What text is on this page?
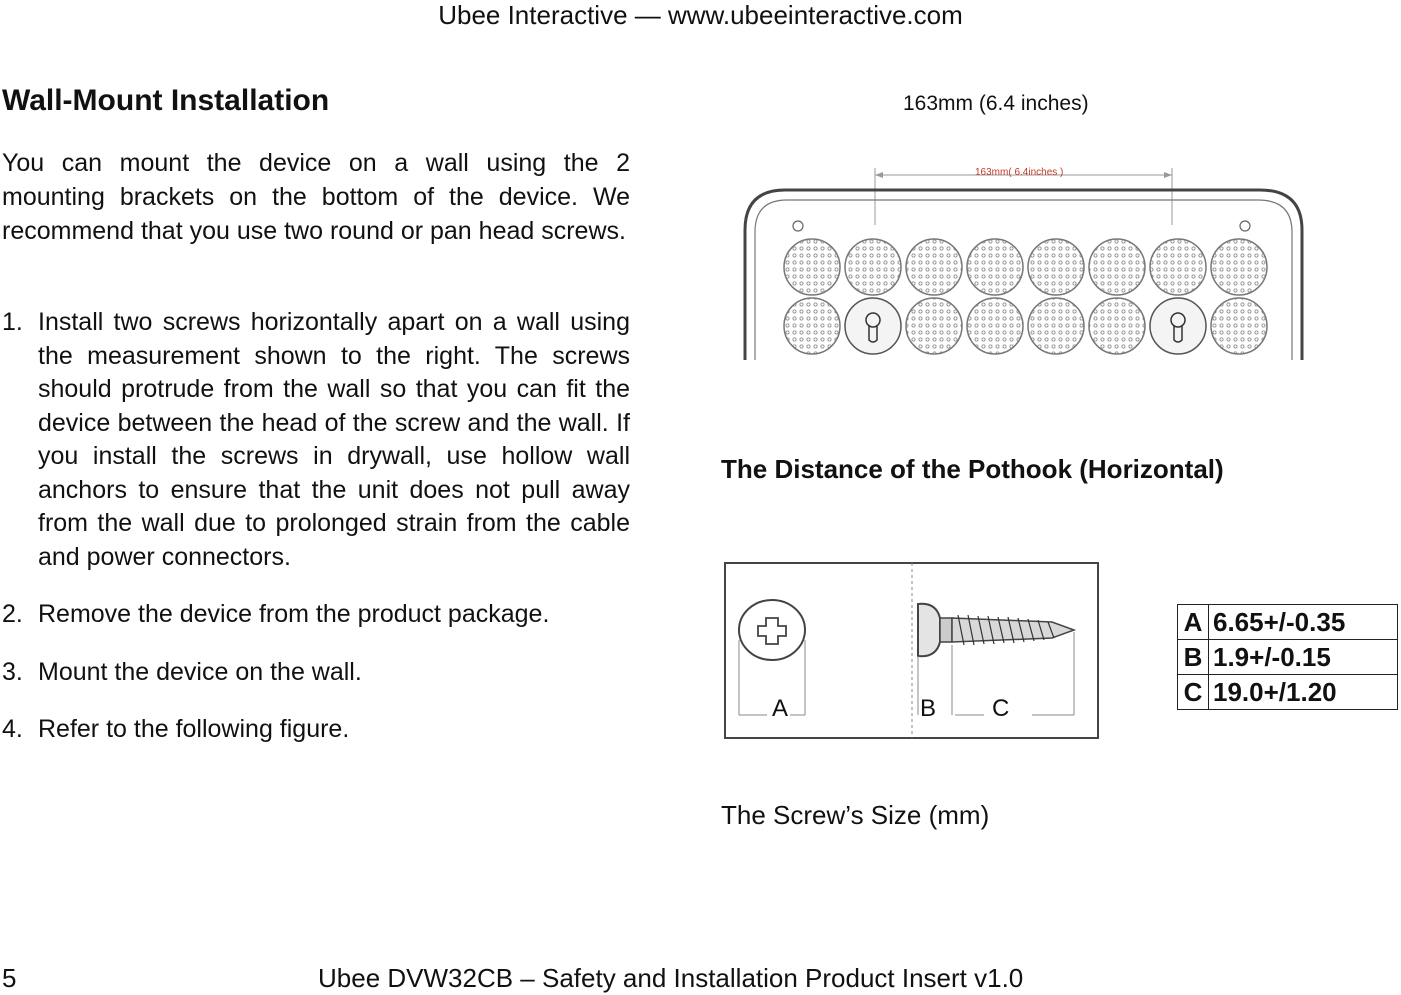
Ubee Interactive — www.ubeeinteractive.com
Wall-Mount Installation
You can mount the device on a wall using the 2 mounting brackets on the bottom of the device. We recommend that you use two round or pan head screws.
1. Install two screws horizontally apart on a wall using the measurement shown to the right. The screws should protrude from the wall so that you can fit the device between the head of the screw and the wall. If you install the screws in drywall, use hollow wall anchors to ensure that the unit does not pull away from the wall due to prolonged strain from the cable and power connectors.
2. Remove the device from the product package.
3. Mount the device on the wall.
4. Refer to the following figure.
163mm (6.4 inches)
163mm( 6.4inches )
The Distance of the Pothook (Horizontal)
A	B C
A	6.65+/-0.35
B	1.9+/-0.15
C	19.0+/1.20
The Screw’s Size (mm)
5	Ubee DVW32CB – Safety and Installation Product Insert v1.0
